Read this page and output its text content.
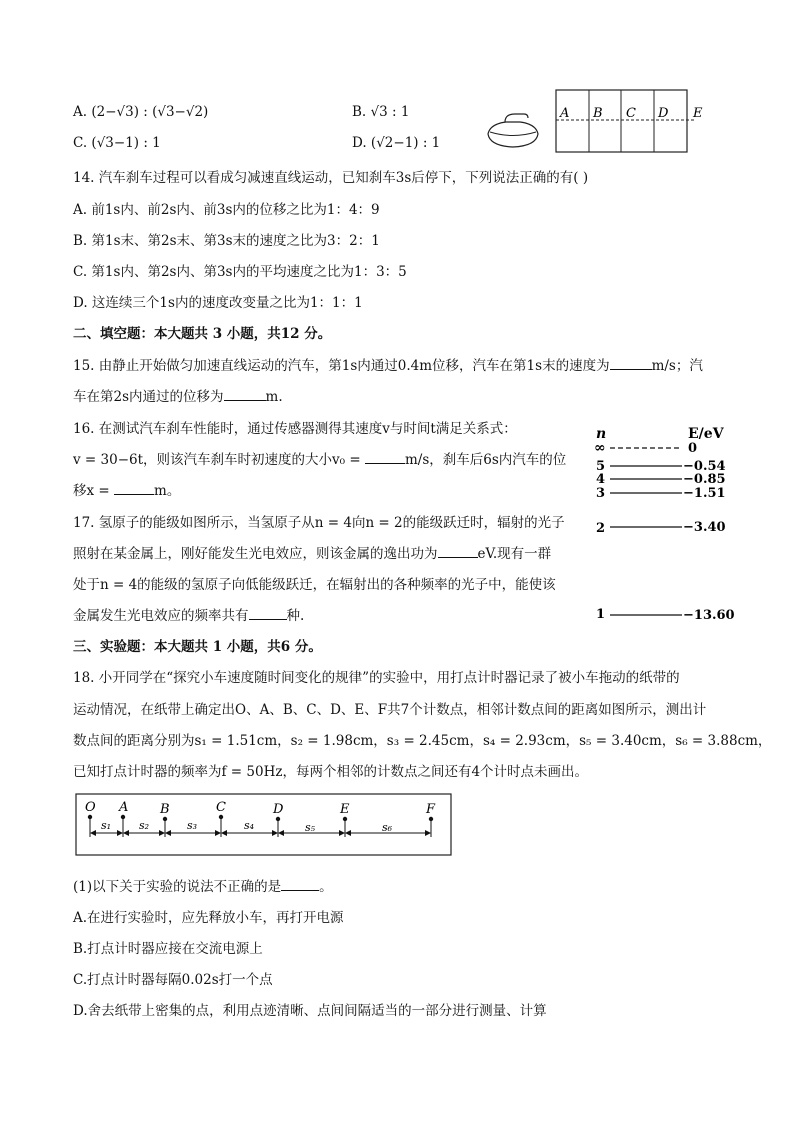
A. (2−√3) : (√3−√2)	B. √3 : 1
C. (√3−1) : 1	D. (√2−1) : 1
A B C D E
14. 汽车刹车过程可以看成匀减速直线运动，已知刹车3s后停下，下列说法正确的有( )
A. 前1s内、前2s内、前3s内的位移之比为1：4：9
B. 第1s末、第2s末、第3s末的速度之比为3：2：1
C. 第1s内、第2s内、第3s内的平均速度之比为1：3：5
D. 这连续三个1s内的速度改变量之比为1：1：1
二、填空题：本大题共 3 小题，共12 分。
15. 由静止开始做匀加速直线运动的汽车，第1s内通过0.4m位移，汽车在第1s末的速度为	m/s；汽
车在第2s内通过的位移为	m.
16. 在测试汽车刹车性能时，通过传感器测得其速度v与时间t满足关系式：
v = 30−6t，则该汽车刹车时初速度的大小v₀ =	m/s，刹车后6s内汽车的位
移x =	m。
17. 氢原子的能级如图所示，当氢原子从n = 4向n = 2的能级跃迁时，辐射的光子
照射在某金属上，刚好能发生光电效应，则该金属的逸出功为	eV.现有一群
处于n = 4的能级的氢原子向低能级跃迁，在辐射出的各种频率的光子中，能使该
金属发生光电效应的频率共有	种.
n	E/eV
∞	0
5	−0.54
4	−0.85
3	−1.51
2	−3.40
1	−13.60
三、实验题：本大题共 1 小题，共6 分。
18. 小开同学在“探究小车速度随时间变化的规律”的实验中，用打点计时器记录了被小车拖动的纸带的
运动情况，在纸带上确定出O、A、B、C、D、E、F共7个计数点，相邻计数点间的距离如图所示，测出计
数点间的距离分别为s₁ = 1.51cm，s₂ = 1.98cm，s₃ = 2.45cm，s₄ = 2.93cm，s₅ = 3.40cm，s₆ = 3.88cm，
已知打点计时器的频率为f = 50Hz，每两个相邻的计数点之间还有4个计时点未画出。
O A B	C	D	E	F
s₁	s₂	s₃	s₄	s₅	s₆
(1)以下关于实验的说法不正确的是	。
A.在进行实验时，应先释放小车，再打开电源
B.打点计时器应接在交流电源上
C.打点计时器每隔0.02s打一个点
D.舍去纸带上密集的点，利用点迹清晰、点间间隔适当的一部分进行测量、计算
